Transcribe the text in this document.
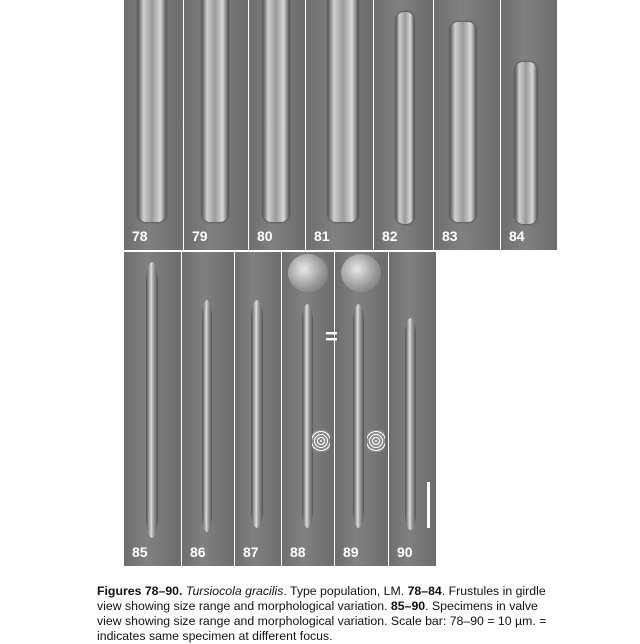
78	79	80	81	82	83	84
85	86	87 88	89	90
=
Figures 78–90. Tursiocola gracilis. Type population, LM. 78–84. Frustules in girdle view showing size range and morphological variation. 85–90. Specimens in valve view showing size range and morphological variation. Scale bar: 78–90 = 10 µm. = indicates same specimen at different focus.
